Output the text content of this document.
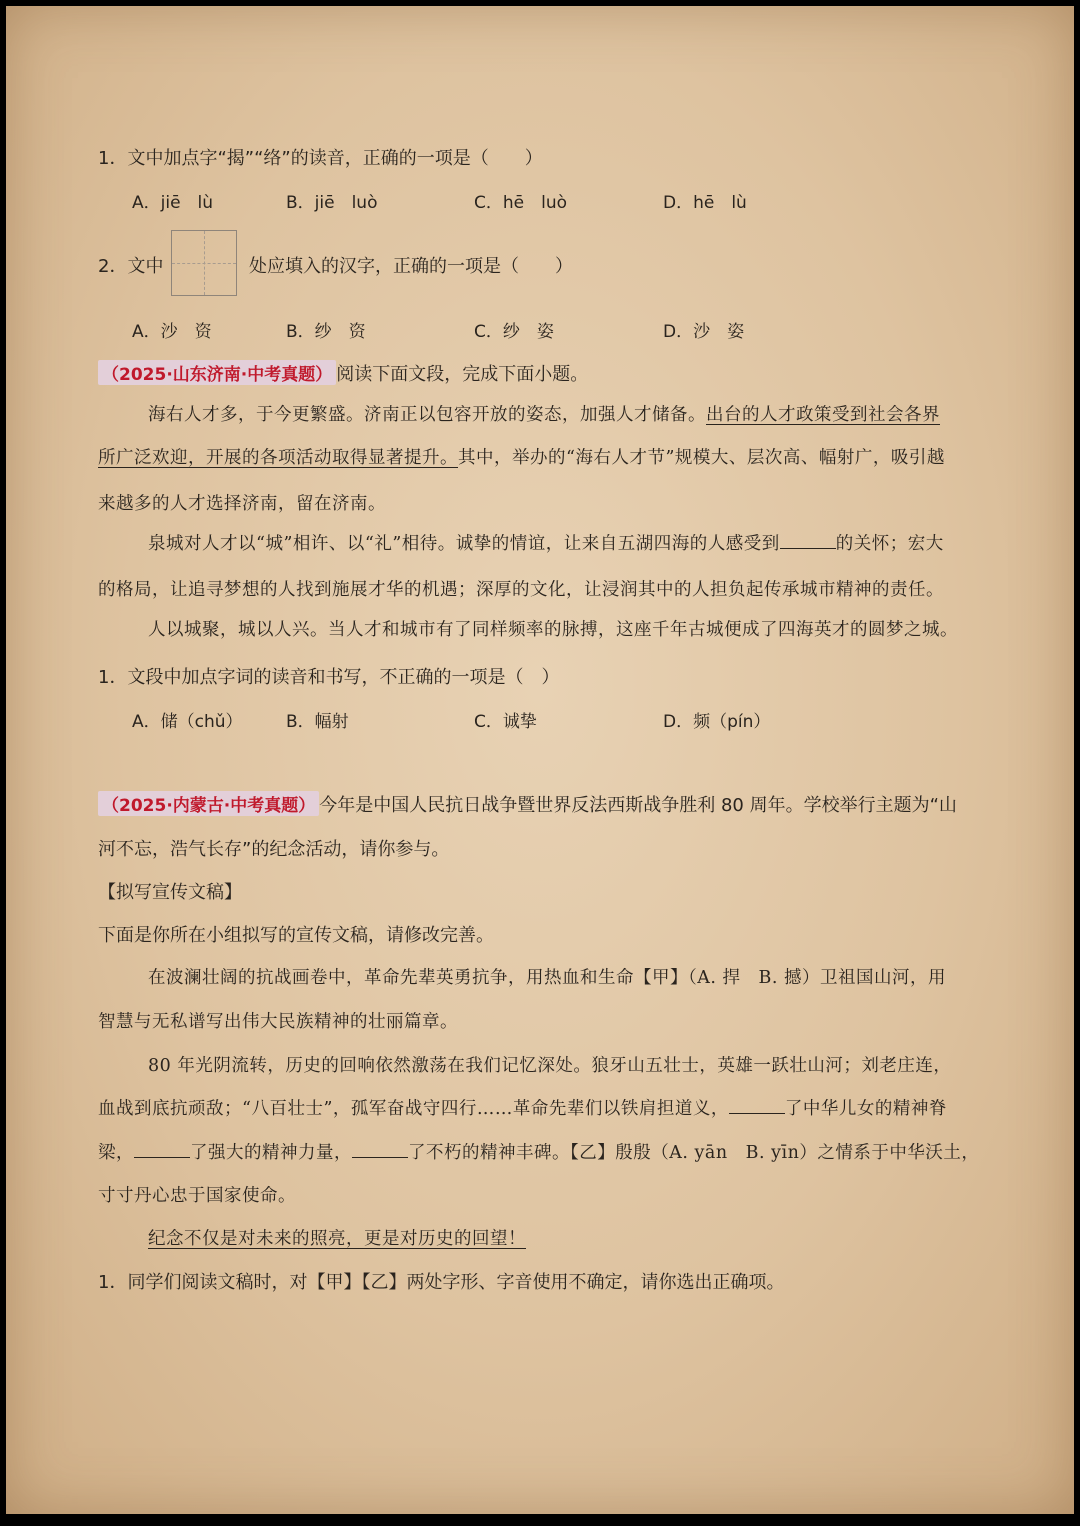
1．文中加点字“揭”“络”的读音，正确的一项是（　　）
A．jiē　lù	B．jiē　luò	C．hē　luò	D．hē　lù
2．文中	处应填入的汉字，正确的一项是（　　）
A．沙　资	B．纱　资	C．纱　姿	D．沙　姿
（2025·山东济南·中考真题） 阅读下面文段，完成下面小题。
海右人才多，于今更繁盛。济南正以包容开放的姿态，加强人才储备。出台的人才政策受到社会各界
所广泛欢迎，开展的各项活动取得显著提升。其中，举办的“海右人才节”规模大、层次高、幅射广，吸引越
来越多的人才选择济南，留在济南。
泉城对人才以“城”相许、以“礼”相待。诚挚的情谊，让来自五湖四海的人感受到	的关怀；宏大
的格局，让追寻梦想的人找到施展才华的机遇；深厚的文化，让浸润其中的人担负起传承城市精神的责任。
人以城聚，城以人兴。当人才和城市有了同样频率的脉搏，这座千年古城便成了四海英才的圆梦之城。
1．文段中加点字词的读音和书写，不正确的一项是（　）
A．储（chǔ）	B．幅射	C．诚挚	D．频（pín）
（2025·内蒙古·中考真题） 今年是中国人民抗日战争暨世界反法西斯战争胜利 80 周年。学校举行主题为“山
河不忘，浩气长存”的纪念活动，请你参与。
【拟写宣传文稿】
下面是你所在小组拟写的宣传文稿，请修改完善。
在波澜壮阔的抗战画卷中，革命先辈英勇抗争，用热血和生命【甲】（A. 捍　B. 撼）卫祖国山河，用
智慧与无私谱写出伟大民族精神的壮丽篇章。
80 年光阴流转，历史的回响依然激荡在我们记忆深处。狼牙山五壮士，英雄一跃壮山河；刘老庄连，
血战到底抗顽敌；“八百壮士”，孤军奋战守四行……革命先辈们以铁肩担道义，	了中华儿女的精神脊
梁，	了强大的精神力量，	了不朽的精神丰碑。【乙】殷殷（A. yān　B. yīn）之情系于中华沃土，
寸寸丹心忠于国家使命。
纪念不仅是对未来的照亮，更是对历史的回望！
1．同学们阅读文稿时，对【甲】【乙】两处字形、字音使用不确定，请你选出正确项。
